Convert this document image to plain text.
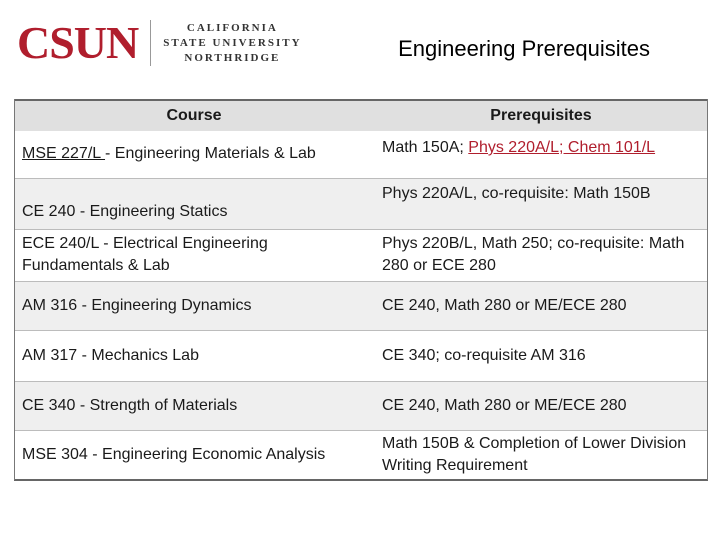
CSUN	CALIFORNIA
STATE UNIVERSITY
NORTHRIDGE	Engineering Prerequisites
Course	Prerequisites
MSE 227/L - Engineering Materials & Lab	Math 150A; Phys 220A/L; Chem 101/L
CE 240 - Engineering Statics	Phys 220A/L, co-requisite: Math 150B
ECE 240/L - Electrical Engineering Fundamentals & Lab	Phys 220B/L, Math 250; co-requisite: Math 280 or ECE 280
AM 316 - Engineering Dynamics	CE 240, Math 280 or ME/ECE 280
AM 317 - Mechanics Lab	CE 340; co-requisite AM 316
CE 340 - Strength of Materials	CE 240, Math 280 or ME/ECE 280
MSE 304 - Engineering Economic Analysis	Math 150B & Completion of Lower Division Writing Requirement
